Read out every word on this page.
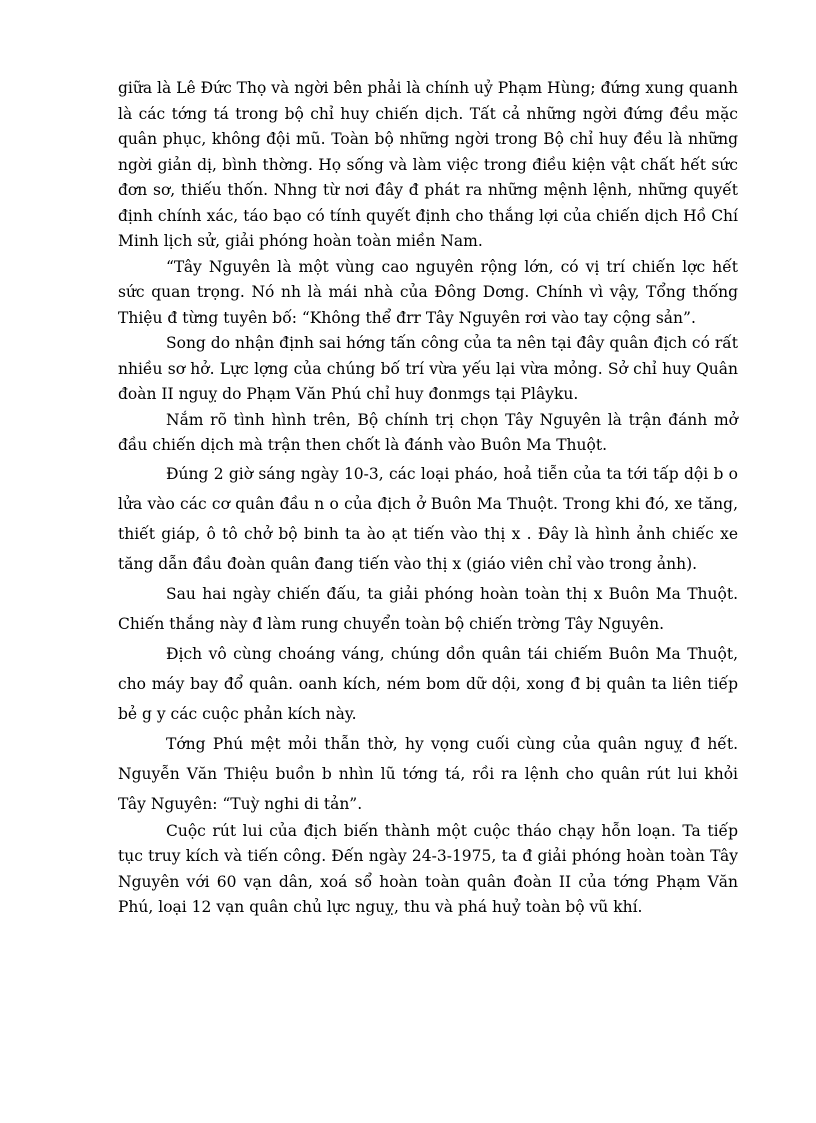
giữa là Lê Đức Thọ và ngời bên phải là chính uỷ Phạm Hùng; đứng xung quanh là các tớng tá trong bộ chỉ huy chiến dịch. Tất cả những ngời đứng đều mặc quân phục, không đội mũ. Toàn bộ những ngời trong Bộ chỉ huy đều là những ngời giản dị, bình thờng. Họ sống và làm việc trong điều kiện vật chất hết sức đơn sơ, thiếu thốn. Nhng từ nơi đây đ phát ra những mệnh lệnh, những quyết định chính xác, táo bạo có tính quyết định cho thắng lợi của chiến dịch Hồ Chí Minh lịch sử, giải phóng hoàn toàn miền Nam.

“Tây Nguyên là một vùng cao nguyên rộng lớn, có vị trí chiến lợc hết sức quan trọng. Nó nh là mái nhà của Đông Dơng. Chính vì vậy, Tổng thống Thiệu đ từng tuyên bố: “Không thể đrr Tây Nguyên rơi vào tay cộng sản”.

Song do nhận định sai hớng tấn công của ta nên tại đây quân địch có rất nhiều sơ hở. Lực lợng của chúng bố trí vừa yếu lại vừa mỏng. Sở chỉ huy Quân đoàn II nguỵ do Phạm Văn Phú chỉ huy đonmgs tại Plâyku.

Nắm rõ tình hình trên, Bộ chính trị chọn Tây Nguyên là trận đánh mở đầu chiến dịch mà trận then chốt là đánh vào Buôn Ma Thuột.

Đúng 2 giờ sáng ngày 10-3, các loại pháo, hoả tiễn của ta tới tấp dội b o lửa vào các cơ quân đầu n o của địch ở Buôn Ma Thuột. Trong khi đó, xe tăng, thiết giáp, ô tô chở bộ binh ta ào ạt tiến vào thị x . Đây là hình ảnh chiếc xe tăng dẫn đầu đoàn quân đang tiến vào thị x (giáo viên chỉ vào trong ảnh).

Sau hai ngày chiến đấu, ta giải phóng hoàn toàn thị x Buôn Ma Thuột. Chiến thắng này đ làm rung chuyển toàn bộ chiến trờng Tây Nguyên.

Địch vô cùng choáng váng, chúng dồn quân tái chiếm Buôn Ma Thuột, cho máy bay đổ quân. oanh kích, ném bom dữ dội, xong đ bị quân ta liên tiếp bẻ g y các cuộc phản kích này.

Tớng Phú mệt mỏi thẫn thờ, hy vọng cuối cùng của quân nguỵ đ hết. Nguyễn Văn Thiệu buồn b nhìn lũ tớng tá, rồi ra lệnh cho quân rút lui khỏi Tây Nguyên: “Tuỳ nghi di tản”.

Cuộc rút lui của địch biến thành một cuộc tháo chạy hỗn loạn. Ta tiếp tục truy kích và tiến công. Đến ngày 24-3-1975, ta đ giải phóng hoàn toàn Tây Nguyên với 60 vạn dân, xoá sổ hoàn toàn quân đoàn II của tớng Phạm Văn Phú, loại 12 vạn quân chủ lực nguỵ, thu và phá huỷ toàn bộ vũ khí.
